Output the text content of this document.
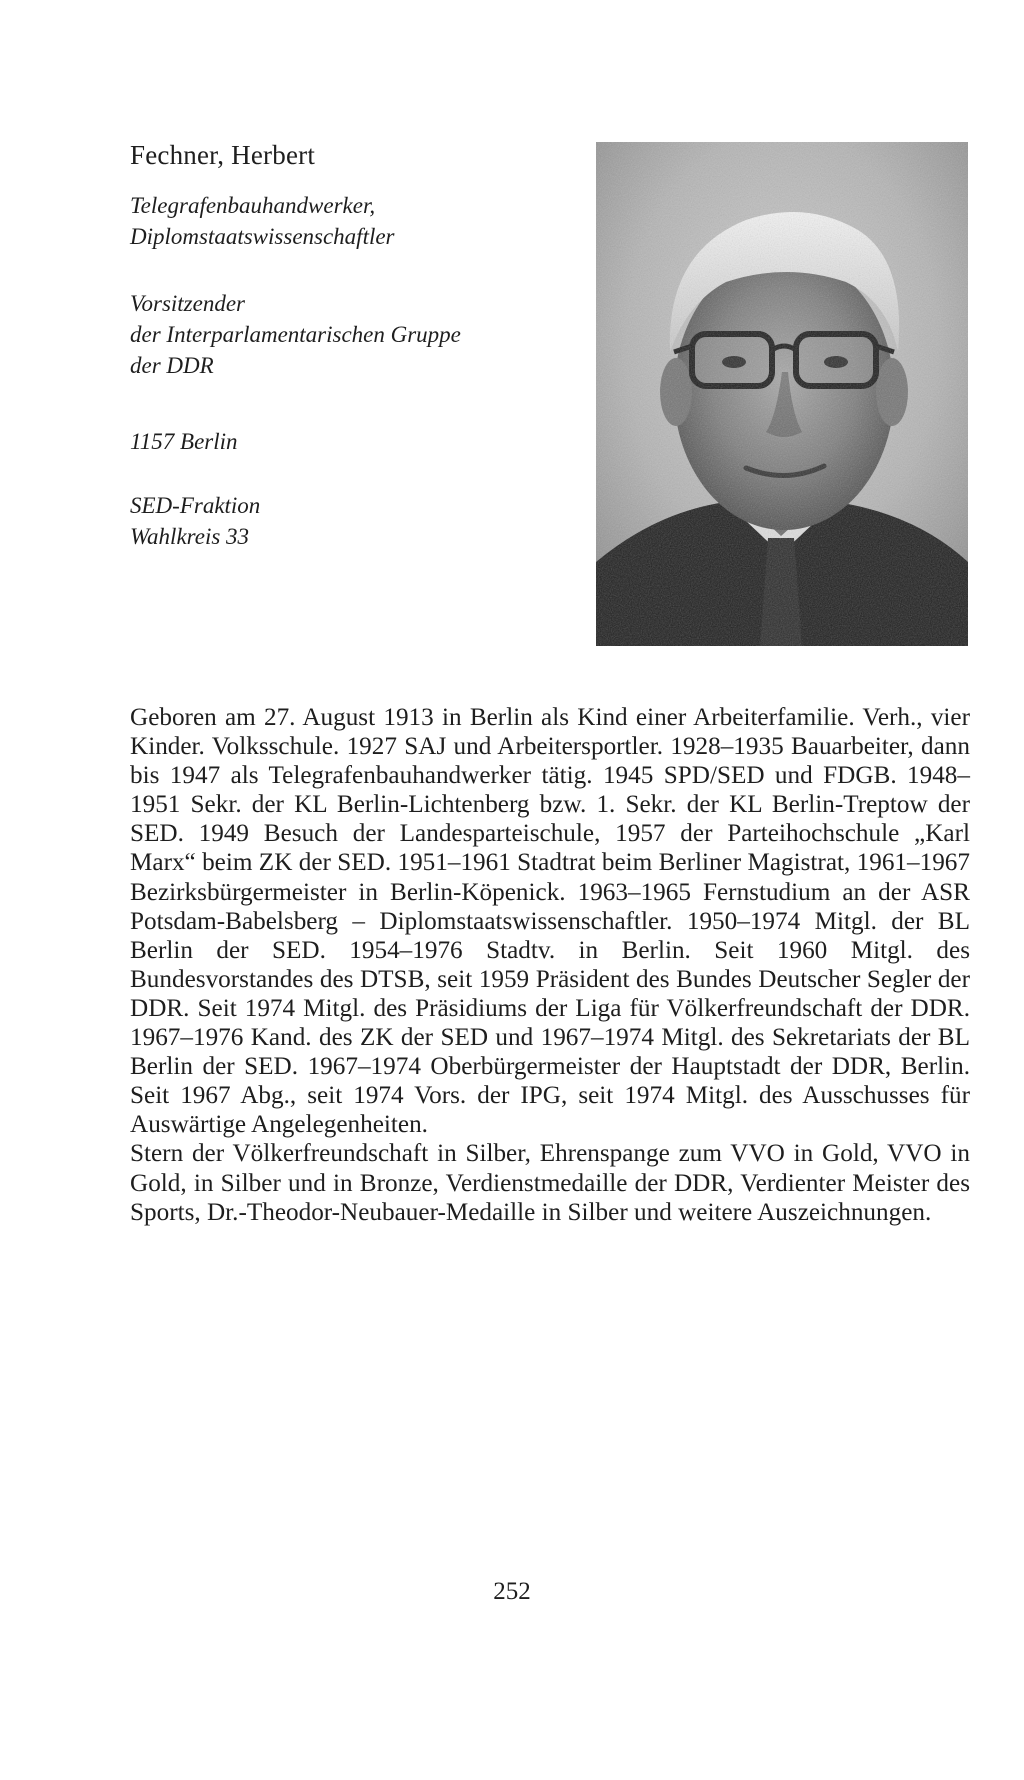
Fechner, Herbert
Telegrafenbauhandwerker,
Diplomstaatswissenschaftler
Vorsitzender
der Interparlamentarischen Gruppe
der DDR
1157 Berlin
SED-Fraktion
Wahlkreis 33

Geboren am 27. August 1913 in Berlin als Kind einer Arbeiterfamilie. Verh., vier Kinder. Volksschule. 1927 SAJ und Arbeitersportler. 1928–1935 Bauarbeiter, dann bis 1947 als Telegrafenbauhandwerker tätig. 1945 SPD/SED und FDGB. 1948–1951 Sekr. der KL Berlin-Lichtenberg bzw. 1. Sekr. der KL Berlin-Treptow der SED. 1949 Besuch der Landesparteischule, 1957 der Parteihochschule „Karl Marx“ beim ZK der SED. 1951–1961 Stadtrat beim Berliner Magistrat, 1961–1967 Bezirksbürgermeister in Berlin-Köpenick. 1963–1965 Fernstudium an der ASR Potsdam-Babelsberg – Diplomstaatswissenschaftler. 1950–1974 Mitgl. der BL Berlin der SED. 1954–1976 Stadtv. in Berlin. Seit 1960 Mitgl. des Bundesvorstandes des DTSB, seit 1959 Präsident des Bundes Deutscher Segler der DDR. Seit 1974 Mitgl. des Präsidiums der Liga für Völkerfreundschaft der DDR. 1967–1976 Kand. des ZK der SED und 1967–1974 Mitgl. des Sekretariats der BL Berlin der SED. 1967–1974 Oberbürgermeister der Hauptstadt der DDR, Berlin. Seit 1967 Abg., seit 1974 Vors. der IPG, seit 1974 Mitgl. des Ausschusses für Auswärtige Angelegenheiten.

Stern der Völkerfreundschaft in Silber, Ehrenspange zum VVO in Gold, VVO in Gold, in Silber und in Bronze, Verdienstmedaille der DDR, Verdienter Meister des Sports, Dr.-Theodor-Neubauer-Medaille in Silber und weitere Auszeichnungen.

252
